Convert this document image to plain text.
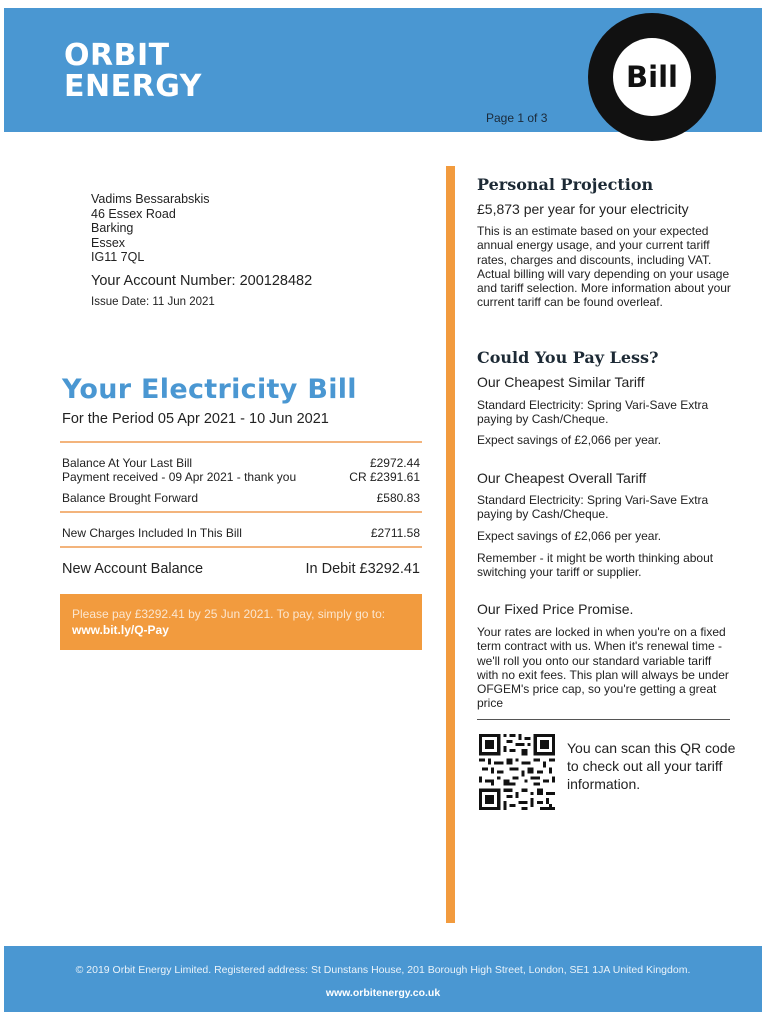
ORBIT
ENERGY
Page 1 of 3
Bill
Vadims Bessarabskis
46 Essex Road
Barking
Essex
IG11 7QL
Your Account Number: 200128482
Issue Date: 11 Jun 2021
Your Electricity Bill
For the Period 05 Apr 2021 - 10 Jun 2021
Balance At Your Last Bill	£2972.44
Payment received - 09 Apr 2021 - thank you	CR £2391.61
Balance Brought Forward	£580.83
New Charges Included In This Bill	£2711.58
New Account Balance	In Debit £3292.41
Please pay £3292.41 by 25 Jun 2021. To pay, simply go to:
www.bit.ly/Q-Pay
Personal Projection
£5,873 per year for your electricity
This is an estimate based on your expected annual energy usage, and your current tariff rates, charges and discounts, including VAT. Actual billing will vary depending on your usage and tariff selection. More information about your current tariff can be found overleaf.
Could You Pay Less?
Our Cheapest Similar Tariff
Standard Electricity: Spring Vari-Save Extra paying by Cash/Cheque.
Expect savings of £2,066 per year.
Our Cheapest Overall Tariff
Standard Electricity: Spring Vari-Save Extra paying by Cash/Cheque.
Expect savings of £2,066 per year.
Remember - it might be worth thinking about switching your tariff or supplier.
Our Fixed Price Promise.
Your rates are locked in when you're on a fixed term contract with us. When it's renewal time - we'll roll you onto our standard variable tariff with no exit fees. This plan will always be under OFGEM's price cap, so you're getting a great price
You can scan this QR code to check out all your tariff information.
© 2019 Orbit Energy Limited. Registered address: St Dunstans House, 201 Borough High Street, London, SE1 1JA United Kingdom.
www.orbitenergy.co.uk
